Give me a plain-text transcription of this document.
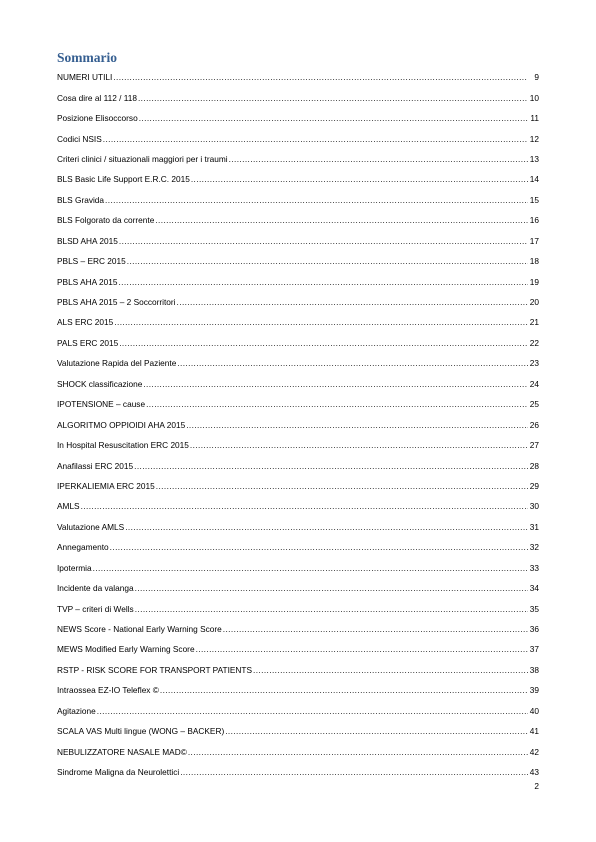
Sommario
NUMERI UTILI .....	9
Cosa dire al 112 / 118 .....	10
Posizione Elisoccorso .....	11
Codici NSIS .....	12
Criteri clinici / situazionali maggiori per i traumi .....	13
BLS Basic Life Support E.R.C. 2015 .....	14
BLS Gravida .....	15
BLS Folgorato da corrente .....	16
BLSD AHA 2015 .....	17
PBLS – ERC 2015 .....	18
PBLS AHA 2015 .....	19
PBLS AHA 2015 – 2 Soccorritori .....	20
ALS ERC 2015 .....	21
PALS ERC 2015 .....	22
Valutazione Rapida del Paziente .....	23
SHOCK classificazione .....	24
IPOTENSIONE – cause .....	25
ALGORITMO OPPIOIDI AHA 2015 .....	26
In Hospital Resuscitation ERC 2015 .....	27
Anafilassi ERC 2015 .....	28
IPERKALIEMIA ERC 2015 .....	29
AMLS .....	30
Valutazione AMLS .....	31
Annegamento .....	32
Ipotermia .....	33
Incidente da valanga .....	34
TVP – criteri di Wells .....	35
NEWS Score - National Early Warning Score .....	36
MEWS Modified Early Warning Score .....	37
RSTP - RISK SCORE FOR TRANSPORT PATIENTS .....	38
Intraossea EZ-IO Teleflex © .....	39
Agitazione .....	40
SCALA VAS Multi lingue (WONG – BACKER) .....	41
NEBULIZZATORE NASALE MAD© .....	42
Sindrome Maligna da Neurolettici .....	43
2
